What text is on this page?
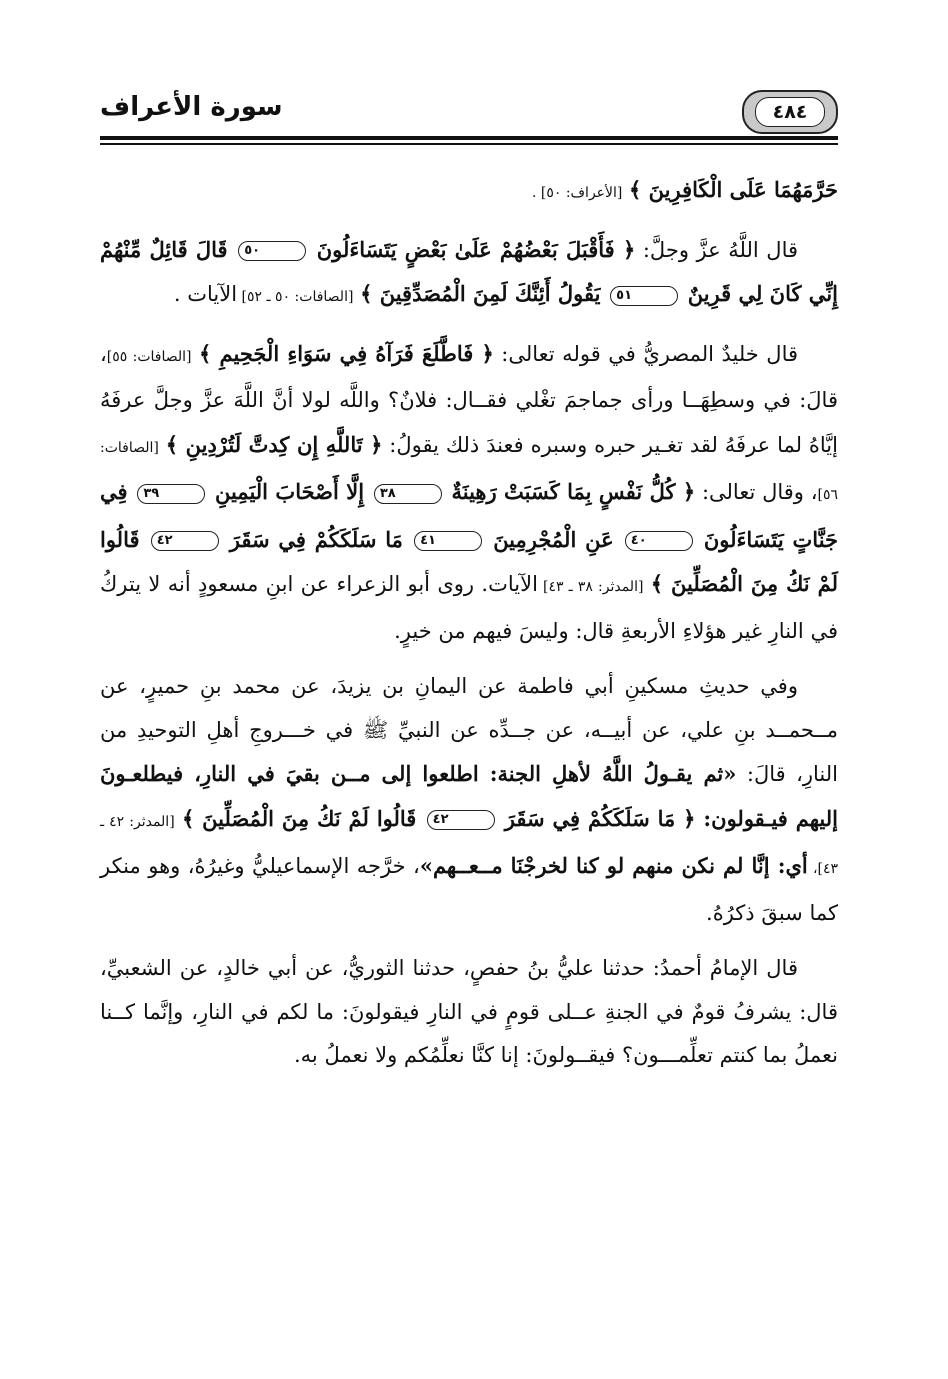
٤٨٤
سورة الأعراف

حَرَّمَهُمَا عَلَى الْكَافِرِينَ ﴾ [الأعراف: ٥٠] .

قال اللَّهُ عزَّ وجلَّ: ﴿ فَأَقْبَلَ بَعْضُهُمْ عَلَىٰ بَعْضٍ يَتَسَاءَلُونَ ٥٠ قَالَ قَائِلٌ مِّنْهُمْ إِنِّي كَانَ لِي قَرِينٌ ٥١ يَقُولُ أَئِنَّكَ لَمِنَ الْمُصَدِّقِينَ ﴾ [الصافات: ٥٠ ـ ٥٢] الآيات .

قال خليدٌ المصريُّ في قوله تعالى: ﴿ فَاطَّلَعَ فَرَآهُ فِي سَوَاءِ الْجَحِيمِ ﴾ [الصافات: ٥٥]، قالَ: في وسطِهَــا ورأى جماجمَ تغْلي فقــال: فلانٌ؟ واللَّه لولا أنَّ اللَّهَ عزَّ وجلَّ عرفَهُ إيَّاهُ لما عرفَهُ لقد تغـير حبره وسبره فعندَ ذلك يقولُ: ﴿ تَاللَّهِ إِن كِدتَّ لَتُرْدِينِ ﴾ [الصافات: ٥٦]، وقال تعالى: ﴿ كُلُّ نَفْسٍ بِمَا كَسَبَتْ رَهِينَةٌ ٣٨ إِلَّا أَصْحَابَ الْيَمِينِ ٣٩ فِي جَنَّاتٍ يَتَسَاءَلُونَ ٤٠ عَنِ الْمُجْرِمِينَ ٤١ مَا سَلَكَكُمْ فِي سَقَرَ ٤٢ قَالُوا لَمْ نَكُ مِنَ الْمُصَلِّينَ ﴾ [المدثر: ٣٨ ـ ٤٣] الآيات. روى أبو الزعراء عن ابنِ مسعودٍ أنه لا يتركُ في النارِ غير هؤلاءِ الأربعةِ قال: وليسَ فيهم من خيرٍ.

وفي حديثِ مسكينِ أبي فاطمة عن اليمانِ بن يزيدَ، عن محمد بنِ حميرٍ، عن مــحمــد بنِ علي، عن أبيــه، عن جــدِّه عن النبيِّ ﷺ في خـــروجِ أهلِ التوحيدِ من النارِ، قالَ: «ثم يقـولُ اللَّهُ لأهلِ الجنة: اطلعوا إلى مــن بقيَ في النارِ، فيطلعـونَ إليهم فيـقولون: ﴿ مَا سَلَكَكُمْ فِي سَقَرَ ٤٢ قَالُوا لَمْ نَكُ مِنَ الْمُصَلِّينَ ﴾ [المدثر: ٤٢ ـ ٤٣]، أي: إنَّا لم نكن منهم لو كنا لخرجْنَا مــعــهم»، خرَّجه الإسماعيليُّ وغيرُهُ، وهو منكر كما سبقَ ذكرُهُ.

قال الإمامُ أحمدُ: حدثنا عليُّ بنُ حفصٍ، حدثنا الثوريُّ، عن أبي خالدٍ، عن الشعبيِّ، قال: يشرفُ قومٌ في الجنةِ عــلى قومٍ في النارِ فيقولونَ: ما لكم في النارِ، وإنَّما كــنا نعملُ بما كنتم تعلِّمـــون؟ فيقــولونَ: إنا كنَّا نعلِّمُكم ولا نعملُ به.
